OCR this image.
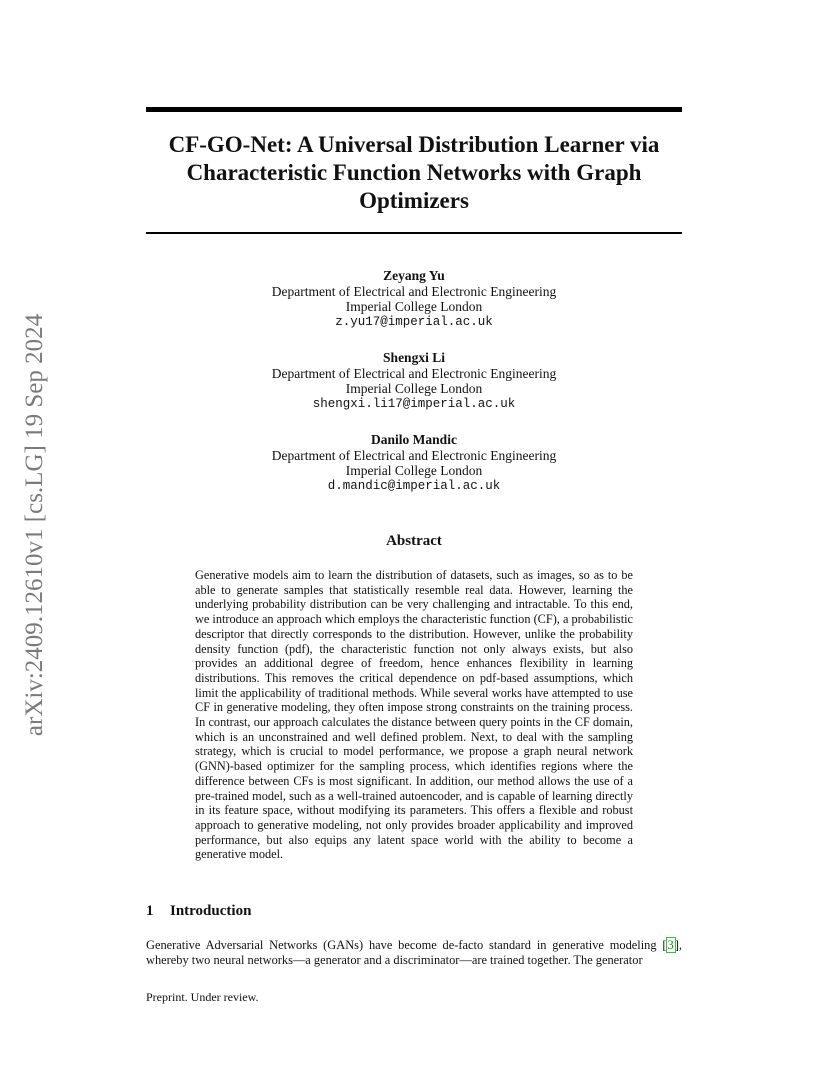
CF-GO-Net: A Universal Distribution Learner via
Characteristic Function Networks with Graph
Optimizers
arXiv:2409.12610v1 [cs.LG] 19 Sep 2024
Zeyang Yu
Department of Electrical and Electronic Engineering
Imperial College London
z.yu17@imperial.ac.uk
Shengxi Li
Department of Electrical and Electronic Engineering
Imperial College London
shengxi.li17@imperial.ac.uk
Danilo Mandic
Department of Electrical and Electronic Engineering
Imperial College London
d.mandic@imperial.ac.uk
Abstract
Generative models aim to learn the distribution of datasets, such as images, so as to be able to generate samples that statistically resemble real data. However, learning the underlying probability distribution can be very challenging and intractable. To this end, we introduce an approach which employs the characteristic function (CF), a probabilistic descriptor that directly corresponds to the distribution. However, unlike the probability density function (pdf), the characteristic function not only always exists, but also provides an additional degree of freedom, hence enhances flexibility in learning distributions. This removes the critical dependence on pdf-based assumptions, which limit the applicability of traditional methods. While several works have attempted to use CF in generative modeling, they often impose strong constraints on the training process. In contrast, our approach calculates the distance between query points in the CF domain, which is an unconstrained and well defined problem. Next, to deal with the sampling strategy, which is crucial to model performance, we propose a graph neural network (GNN)-based optimizer for the sampling process, which identifies regions where the difference between CFs is most significant. In addition, our method allows the use of a pre-trained model, such as a well-trained autoencoder, and is capable of learning directly in its feature space, without modifying its parameters. This offers a flexible and robust approach to generative modeling, not only provides broader applicability and improved performance, but also equips any latent space world with the ability to become a generative model.
1 Introduction
Generative Adversarial Networks (GANs) have become de-facto standard in generative modeling [3], whereby two neural networks—a generator and a discriminator—are trained together. The generator
Preprint. Under review.
